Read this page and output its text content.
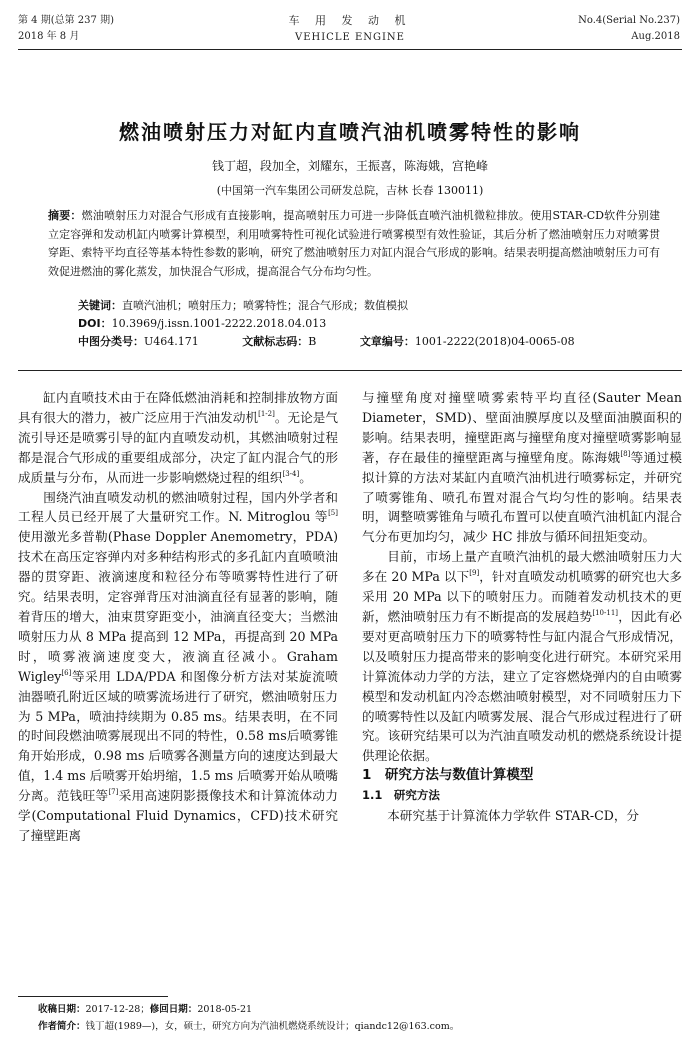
第 4 期(总第 237 期)
2018 年 8 月
车 用 发 动 机
VEHICLE ENGINE
No.4(Serial No.237)
Aug.2018
燃油喷射压力对缸内直喷汽油机喷雾特性的影响
钱丁超，段加全，刘耀东，王振喜，陈海娥，宫艳峰
(中国第一汽车集团公司研发总院，吉林 长春 130011)
摘要：燃油喷射压力对混合气形成有直接影响，提高喷射压力可进一步降低直喷汽油机微粒排放。使用STAR-CD软件分别建立定容弹和发动机缸内喷雾计算模型，利用喷雾特性可视化试验进行喷雾模型有效性验证，其后分析了燃油喷射压力对喷雾贯穿距、索特平均直径等基本特性参数的影响，研究了燃油喷射压力对缸内混合气形成的影响。结果表明提高燃油喷射压力可有效促进燃油的雾化蒸发，加快混合气形成，提高混合气分布均匀性。
关键词：直喷汽油机；喷射压力；喷雾特性；混合气形成；数值模拟
DOI：10.3969/j.issn.1001-2222.2018.04.013
中图分类号：U464.171	文献标志码：B	文章编号：1001-2222(2018)04-0065-08

缸内直喷技术由于在降低燃油消耗和控制排放物方面具有很大的潜力，被广泛应用于汽油发动机[1-2]。无论是气流引导还是喷雾引导的缸内直喷发动机，其燃油喷射过程都是混合气形成的重要组成部分，决定了缸内混合气的形成质量与分布，从而进一步影响燃烧过程的组织[3-4]。

围绕汽油直喷发动机的燃油喷射过程，国内外学者和工程人员已经开展了大量研究工作。N. Mitroglou 等[5]使用激光多普勒(Phase Doppler Anemometry，PDA)技术在高压定容弹内对多种结构形式的多孔缸内直喷喷油器的贯穿距、液滴速度和粒径分布等喷雾特性进行了研究。结果表明，定容弹背压对油滴直径有显著的影响，随着背压的增大，油束贯穿距变小，油滴直径变大；当燃油喷射压力从 8 MPa 提高到 12 MPa，再提高到 20 MPa 时，喷雾液滴速度变大，液滴直径减小。Graham Wigley[6]等采用 LDA/PDA 和图像分析方法对某旋流喷油器喷孔附近区域的喷雾流场进行了研究，燃油喷射压力为 5 MPa，喷油持续期为 0.85 ms。结果表明，在不同的时间段燃油喷雾展现出不同的特性，0.58 ms后喷雾锥角开始形成，0.98 ms 后喷雾各测量方向的速度达到最大值，1.4 ms 后喷雾开始坍缩，1.5 ms 后喷雾开始从喷嘴分离。范钱旺等[7]采用高速阴影摄像技术和计算流体动力学(Computational Fluid Dynamics，CFD)技术研究了撞壁距离

与撞壁角度对撞壁喷雾索特平均直径(Sauter Mean Diameter，SMD)、壁面油膜厚度以及壁面油膜面积的影响。结果表明，撞壁距离与撞壁角度对撞壁喷雾影响显著，存在最佳的撞壁距离与撞壁角度。陈海娥[8]等通过模拟计算的方法对某缸内直喷汽油机进行喷雾标定，并研究了喷雾锥角、喷孔布置对混合气均匀性的影响。结果表明，调整喷雾锥角与喷孔布置可以使直喷汽油机缸内混合气分布更加均匀，减少 HC 排放与循环间扭矩变动。

目前，市场上量产直喷汽油机的最大燃油喷射压力大多在 20 MPa 以下[9]，针对直喷发动机喷雾的研究也大多采用 20 MPa 以下的喷射压力。而随着发动机技术的更新，燃油喷射压力有不断提高的发展趋势[10-11]，因此有必要对更高喷射压力下的喷雾特性与缸内混合气形成情况，以及喷射压力提高带来的影响变化进行研究。本研究采用计算流体动力学的方法，建立了定容燃烧弹内的自由喷雾模型和发动机缸内冷态燃油喷射模型，对不同喷射压力下的喷雾特性以及缸内喷雾发展、混合气形成过程进行了研究。该研究结果可以为汽油直喷发动机的燃烧系统设计提供理论依据。

1　研究方法与数值计算模型

1.1　研究方法

本研究基于计算流体力学软件 STAR-CD，分

收稿日期：2017-12-28；修回日期：2018-05-21
作者简介：钱丁超(1989—)，女，硕士，研究方向为汽油机燃烧系统设计；qiandc12@163.com。
